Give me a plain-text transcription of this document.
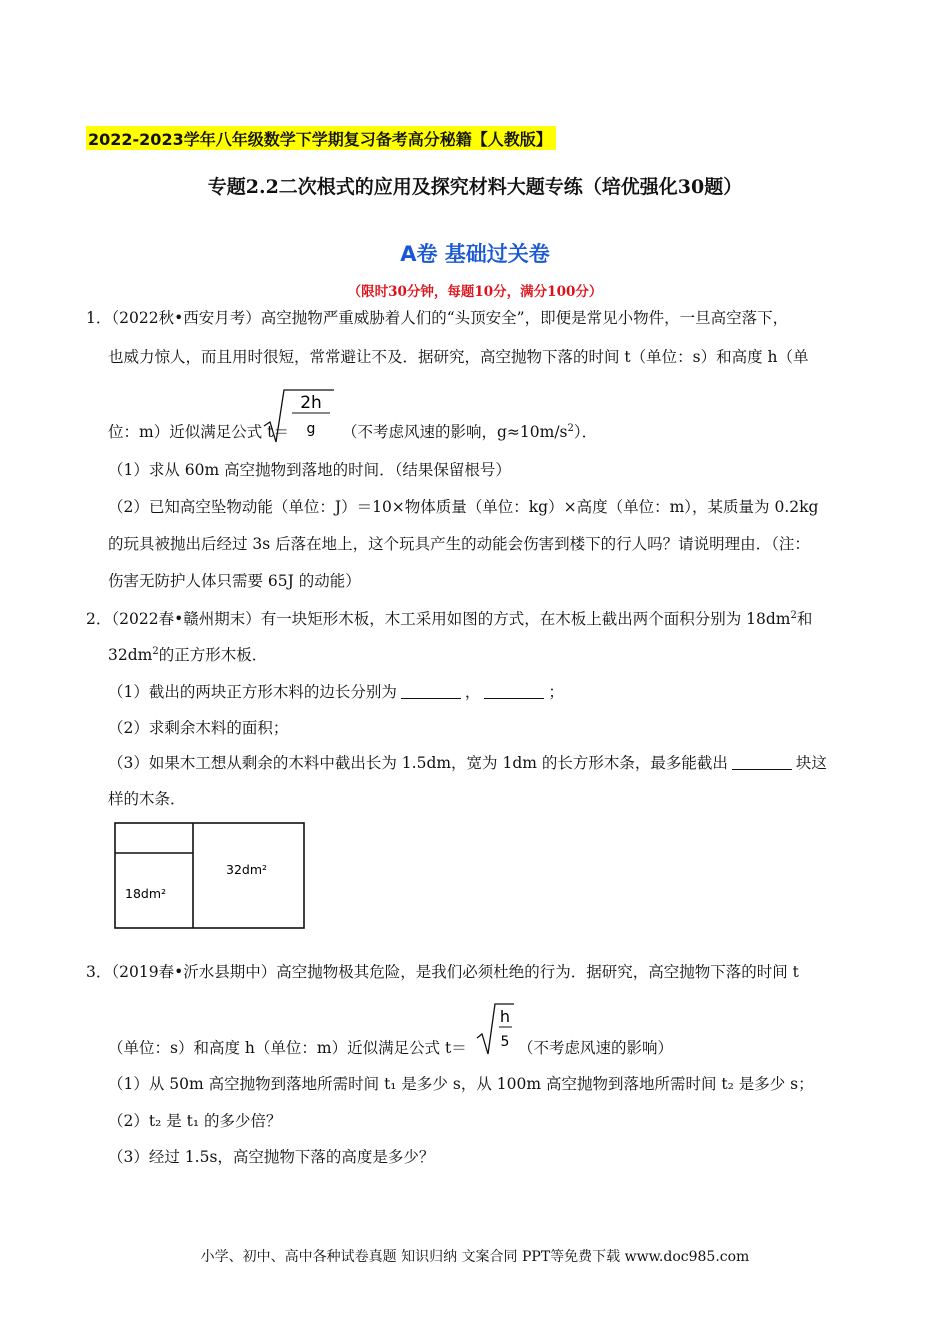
2022-2023学年八年级数学下学期复习备考高分秘籍【人教版】
专题2.2二次根式的应用及探究材料大题专练（培优强化30题）
A卷 基础过关卷
（限时30分钟，每题10分，满分100分）
1．（2022秋•西安月考）高空抛物严重威胁着人们的“头顶安全”，即便是常见小物件，一旦高空落下，
也威力惊人，而且用时很短，常常避让不及．据研究，高空抛物下落的时间 t（单位：s）和高度 h（单
位：m）近似满足公式 t＝
2h
g （不考虑风速的影响，$g\approx 10m/s^2$）．
（1）求从 60m 高空抛物到落地的时间．（结果保留根号）
（2）已知高空坠物动能（单位：J）＝10×物体质量（单位：kg）×高度（单位：m），某质量为 0.2kg
的玩具被抛出后经过 3s 后落在地上，这个玩具产生的动能会伤害到楼下的行人吗？请说明理由．（注：
伤害无防护人体只需要 65J 的动能）
2．（2022春•赣州期末）有一块矩形木板，木工采用如图的方式，在木板上截出两个面积分别为 $18dm^2$和
$32dm^2$的正方形木板．
（1）截出的两块正方形木料的边长分别为	，	；
（2）求剩余木料的面积；
（3）如果木工想从剩余的木料中截出长为 1.5dm，宽为 1dm 的长方形木条，最多能截出	块这
样的木条．
18dm²
32dm²
3．（2019春•沂水县期中）高空抛物极其危险，是我们必须杜绝的行为．据研究，高空抛物下落的时间 t
（单位：s）和高度 h（单位：m）近似满足公式 t＝
h
5 （不考虑风速的影响）
（1）从 50m 高空抛物到落地所需时间 t₁ 是多少 s，从 100m 高空抛物到落地所需时间 t₂ 是多少 s；
（2）t₂ 是 t₁ 的多少倍？
（3）经过 1.5s，高空抛物下落的高度是多少？
小学、初中、高中各种试卷真题 知识归纳 文案合同 PPT等免费下载 www.doc985.com
